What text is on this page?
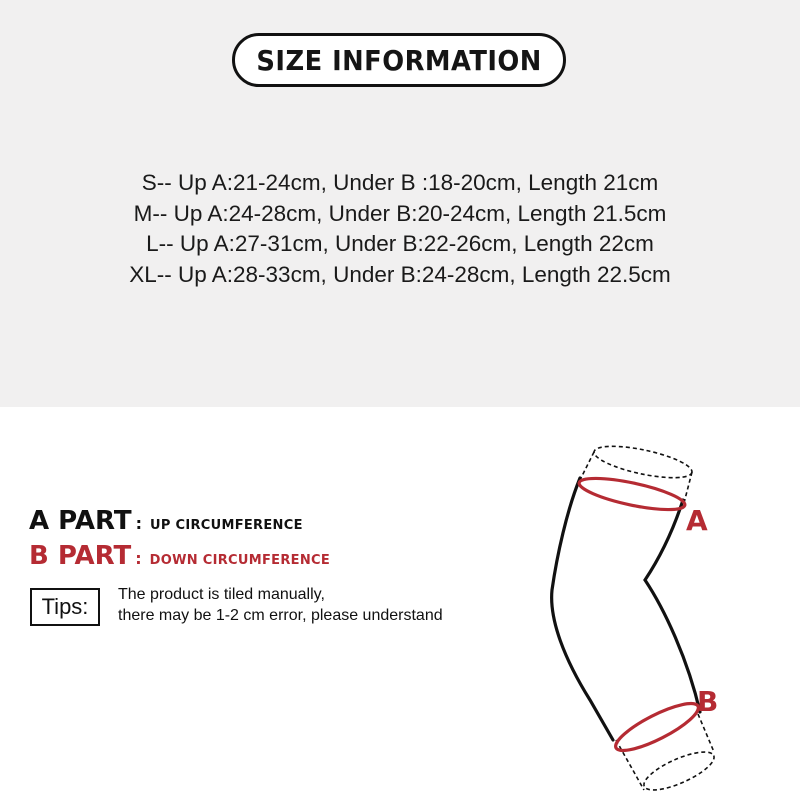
SIZE INFORMATION
S-- Up A:21-24cm, Under B :18-20cm, Length 21cm
M-- Up A:24-28cm, Under B:20-24cm, Length 21.5cm
L-- Up A:27-31cm, Under B:22-26cm, Length 22cm
XL-- Up A:28-33cm, Under B:24-28cm, Length 22.5cm
A PART : UP CIRCUMFERENCE
B PART : DOWN CIRCUMFERENCE
Tips: The product is tiled manually,
there may be 1-2 cm error, please understand
A
B
